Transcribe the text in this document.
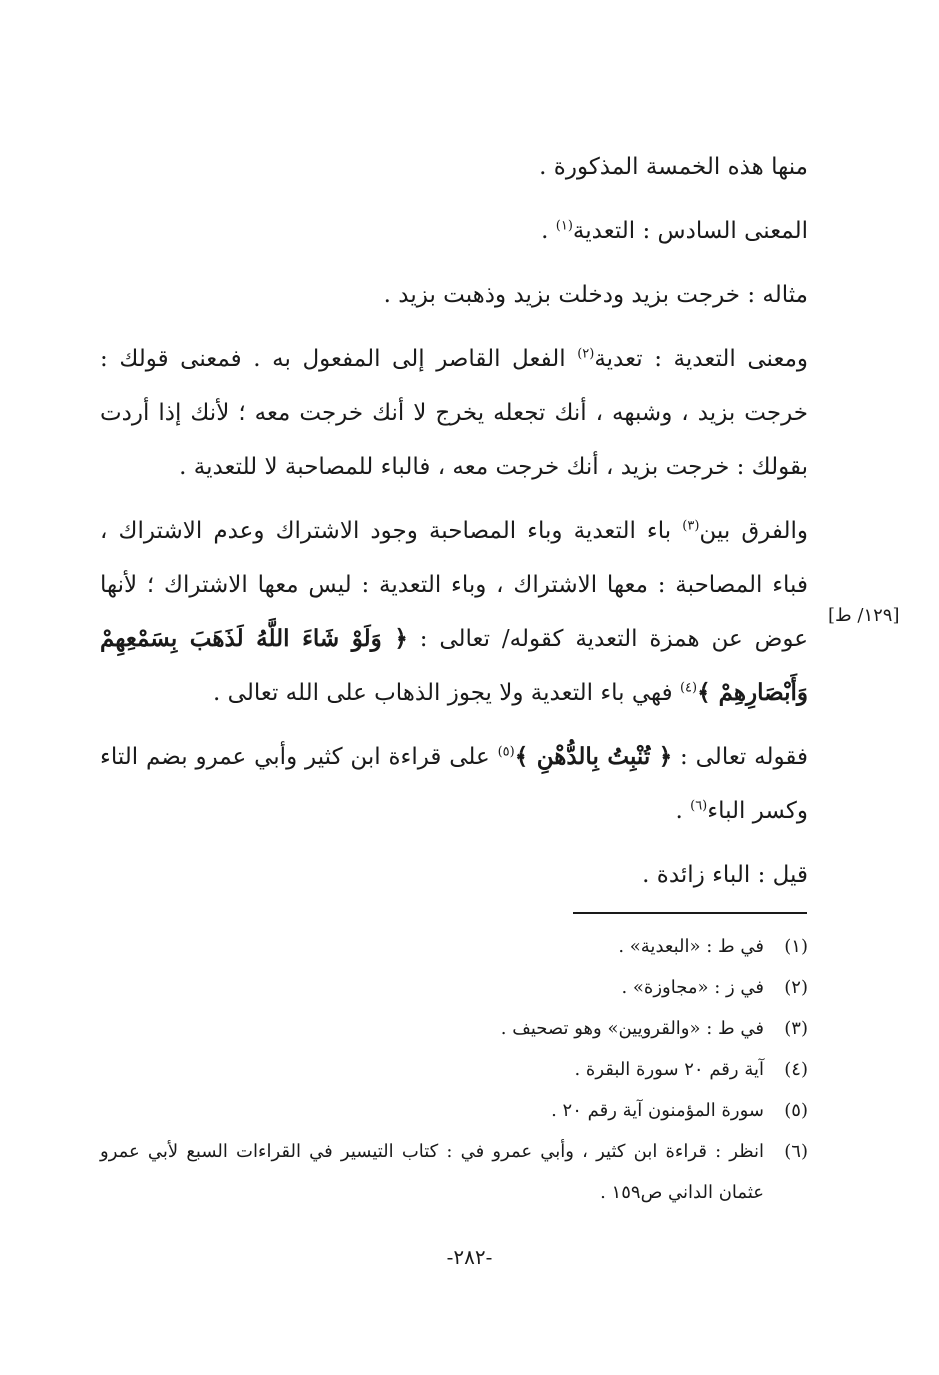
منها هذه الخمسة المذكورة .

المعنى السادس : التعدية$^{(١)}$ .

مثاله : خرجت بزيد ودخلت بزيد وذهبت بزيد .

ومعنى التعدية : تعدية$^{(٢)}$ الفعل القاصر إلى المفعول به . فمعنى قولك : خرجت بزيد ، وشبهه ، أنك تجعله يخرج لا أنك خرجت معه ؛ لأنك إذا أردت بقولك : خرجت بزيد ، أنك خرجت معه ، فالباء للمصاحبة لا للتعدية .

والفرق بين$^{(٣)}$ باء التعدية وباء المصاحبة وجود الاشتراك وعدم الاشتراك ، فباء المصاحبة : معها الاشتراك ، وباء التعدية : ليس معها الاشتراك ؛ لأنها عوض عن همزة التعدية كقوله/ تعالى : ﴿ وَلَوْ شَاءَ اللَّهُ لَذَهَبَ بِسَمْعِهِمْ وَأَبْصَارِهِمْ ﴾$^{(٤)}$ فهي باء التعدية ولا يجوز الذهاب على الله تعالى .

فقوله تعالى : ﴿ تُنْبِتُ بِالدُّهْنِ ﴾$^{(٥)}$ على قراءة ابن كثير وأبي عمرو بضم التاء وكسر الباء$^{(٦)}$ .

قيل : الباء زائدة .

[١٢٩/ ط]
(١)
في ط : «البعدية» .
(٢)
في ز : «مجاوزة» .
(٣)
في ط : «والقرويين» وهو تصحيف .
(٤)
آية رقم ٢٠ سورة البقرة .
(٥)
سورة المؤمنون آية رقم ٢٠ .
(٦)
انظر : قراءة ابن كثير ، وأبي عمرو في : كتاب التيسير في القراءات السبع لأبي عمرو عثمان الداني ص١٥٩ .
-٢٨٢-
